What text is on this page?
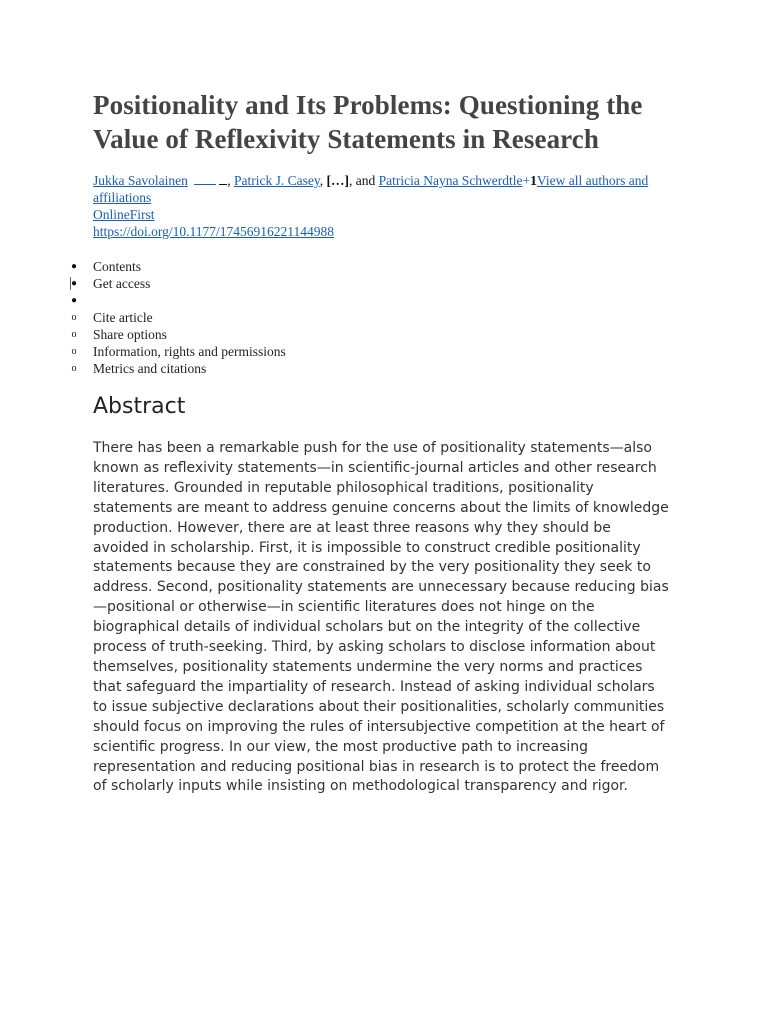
Positionality and Its Problems: Questioning the Value of Reflexivity Statements in Research
Jukka Savolainen	, Patrick J. Casey, […], and Patricia Nayna Schwerdtle+1View all authors and affiliations
OnlineFirst
https://doi.org/10.1177/17456916221144988
● Contents
● Get access
●
o Cite article
o Share options
o Information, rights and permissions
o Metrics and citations
Abstract

There has been a remarkable push for the use of positionality statements—also known as reflexivity statements—in scientific-journal articles and other research literatures. Grounded in reputable philosophical traditions, positionality statements are meant to address genuine concerns about the limits of knowledge production. However, there are at least three reasons why they should be avoided in scholarship. First, it is impossible to construct credible positionality statements because they are constrained by the very positionality they seek to address. Second, positionality statements are unnecessary because reducing bias—positional or otherwise—in scientific literatures does not hinge on the biographical details of individual scholars but on the integrity of the collective process of truth-seeking. Third, by asking scholars to disclose information about themselves, positionality statements undermine the very norms and practices that safeguard the impartiality of research. Instead of asking individual scholars to issue subjective declarations about their positionalities, scholarly communities should focus on improving the rules of intersubjective competition at the heart of scientific progress. In our view, the most productive path to increasing representation and reducing positional bias in research is to protect the freedom of scholarly inputs while insisting on methodological transparency and rigor.
